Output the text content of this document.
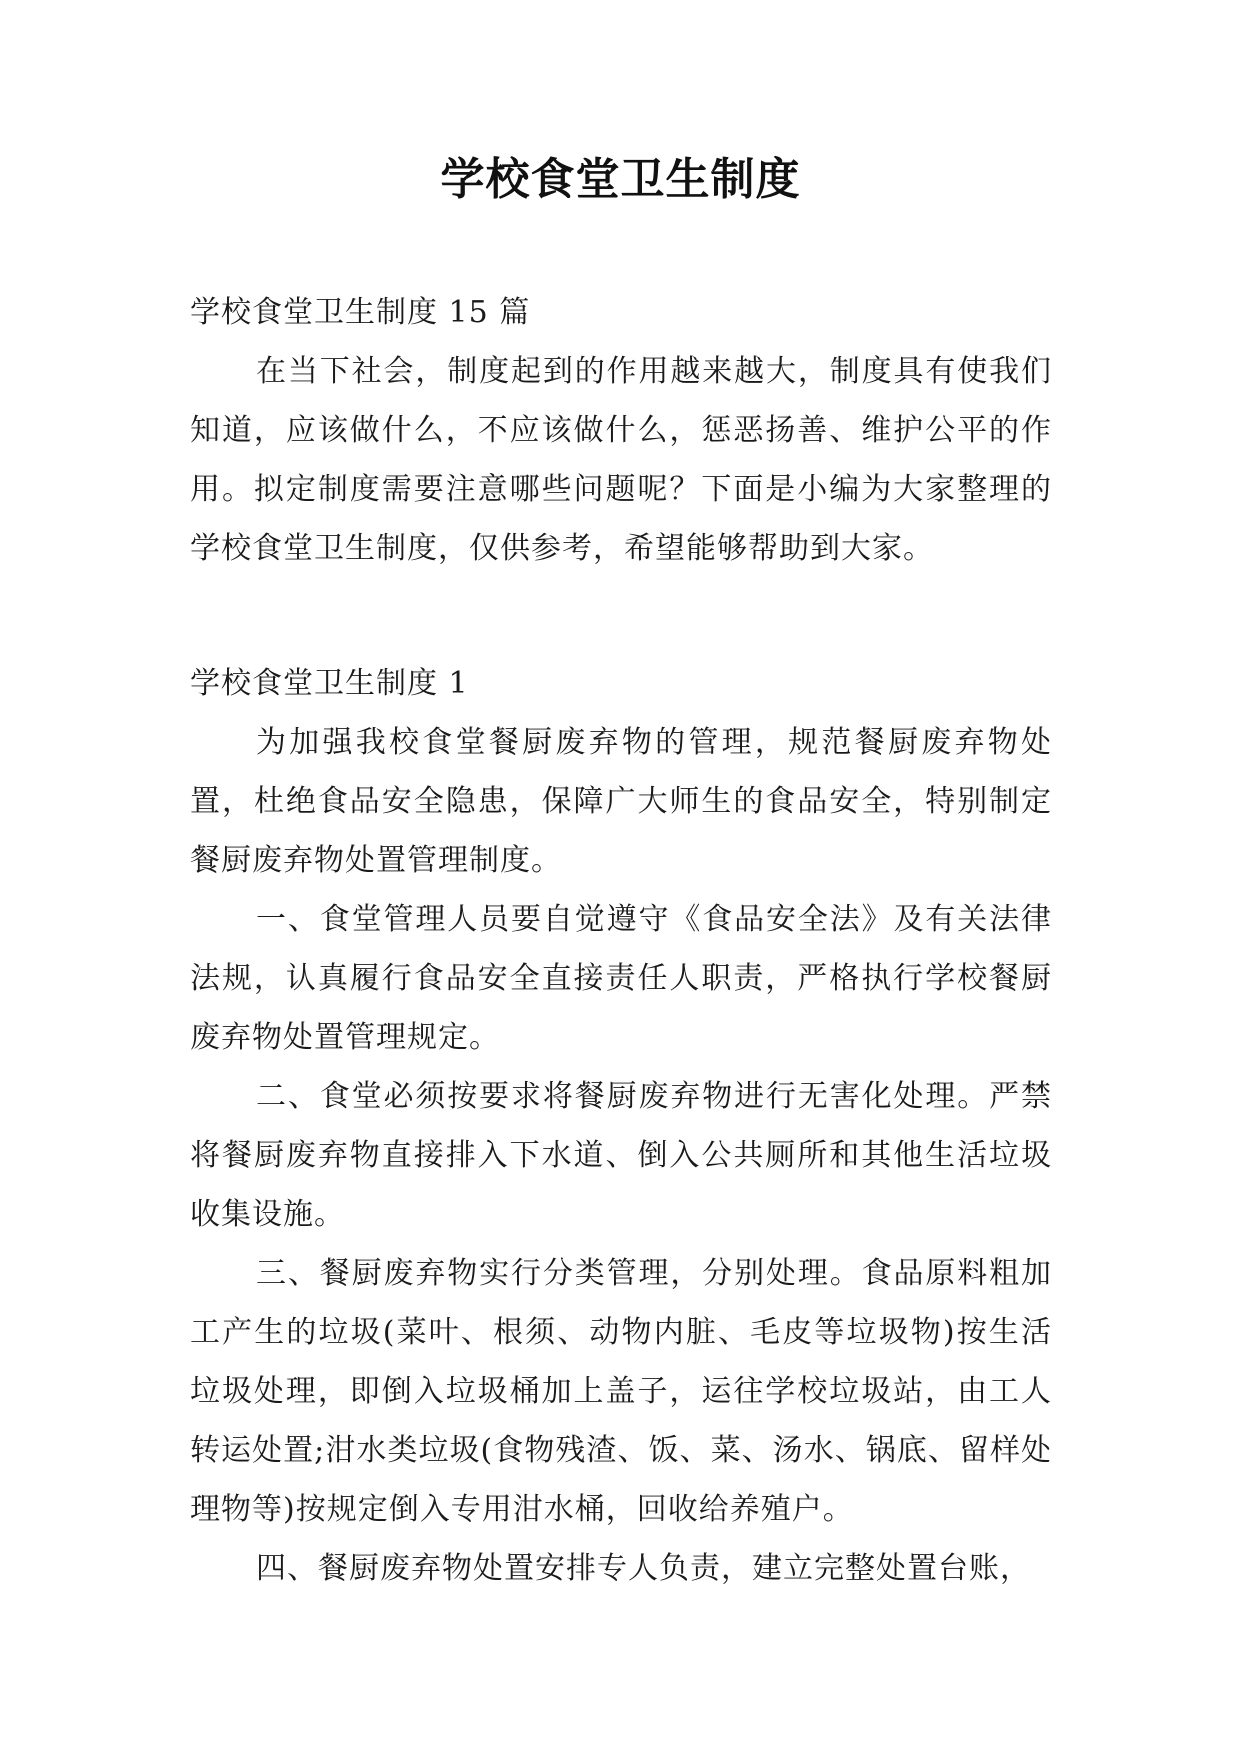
学校食堂卫生制度

学校食堂卫生制度 15 篇

在当下社会，制度起到的作用越来越大，制度具有使我们知道，应该做什么，不应该做什么，惩恶扬善、维护公平的作用。拟定制度需要注意哪些问题呢？下面是小编为大家整理的学校食堂卫生制度，仅供参考，希望能够帮助到大家。

学校食堂卫生制度 1

为加强我校食堂餐厨废弃物的管理，规范餐厨废弃物处置，杜绝食品安全隐患，保障广大师生的食品安全，特别制定餐厨废弃物处置管理制度。

一、食堂管理人员要自觉遵守《食品安全法》及有关法律法规，认真履行食品安全直接责任人职责，严格执行学校餐厨废弃物处置管理规定。

二、食堂必须按要求将餐厨废弃物进行无害化处理。严禁将餐厨废弃物直接排入下水道、倒入公共厕所和其他生活垃圾收集设施。

三、餐厨废弃物实行分类管理，分别处理。食品原料粗加工产生的垃圾(菜叶、根须、动物内脏、毛皮等垃圾物)按生活垃圾处理，即倒入垃圾桶加上盖子，运往学校垃圾站，由工人转运处置;泔水类垃圾(食物残渣、饭、菜、汤水、锅底、留样处理物等)按规定倒入专用泔水桶，回收给养殖户。

四、餐厨废弃物处置安排专人负责，建立完整处置台账，
